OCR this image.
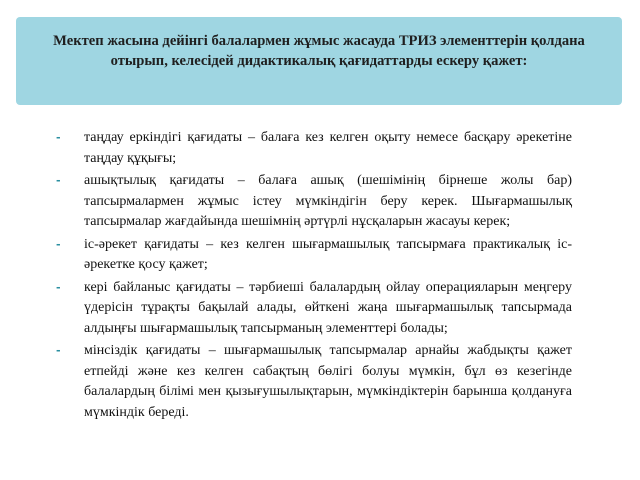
Мектеп жасына дейінгі балалармен жұмыс жасауда ТРИЗ элементтерін қолдана отырып, келесідей дидактикалық қағидаттарды ескеру қажет:
- таңдау еркіндігі қағидаты – балаға кез келген оқыту немесе басқару әрекетіне таңдау құқығы;
- ашықтылық қағидаты – балаға ашық (шешімінің бірнеше жолы бар) тапсырмалармен жұмыс істеу мүмкіндігін беру керек. Шығармашылық тапсырмалар жағдайында шешімнің әртүрлі нұсқаларын жасауы керек;
- іс-әрекет қағидаты – кез келген шығармашылық тапсырмаға практикалық іс-әрекетке қосу қажет;
- кері байланыс қағидаты – тәрбиеші балалардың ойлау операцияларын меңгеру үдерісін тұрақты бақылай алады, өйткені жаңа шығармашылық тапсырмада алдыңғы шығармашылық тапсырманың элементтері болады;
- мінсіздік қағидаты – шығармашылық тапсырмалар арнайы жабдықты қажет етпейді және кез келген сабақтың бөлігі болуы мүмкін, бұл өз кезегінде балалардың білімі мен қызығушылықтарын, мүмкіндіктерін барынша қолдануға мүмкіндік береді.
